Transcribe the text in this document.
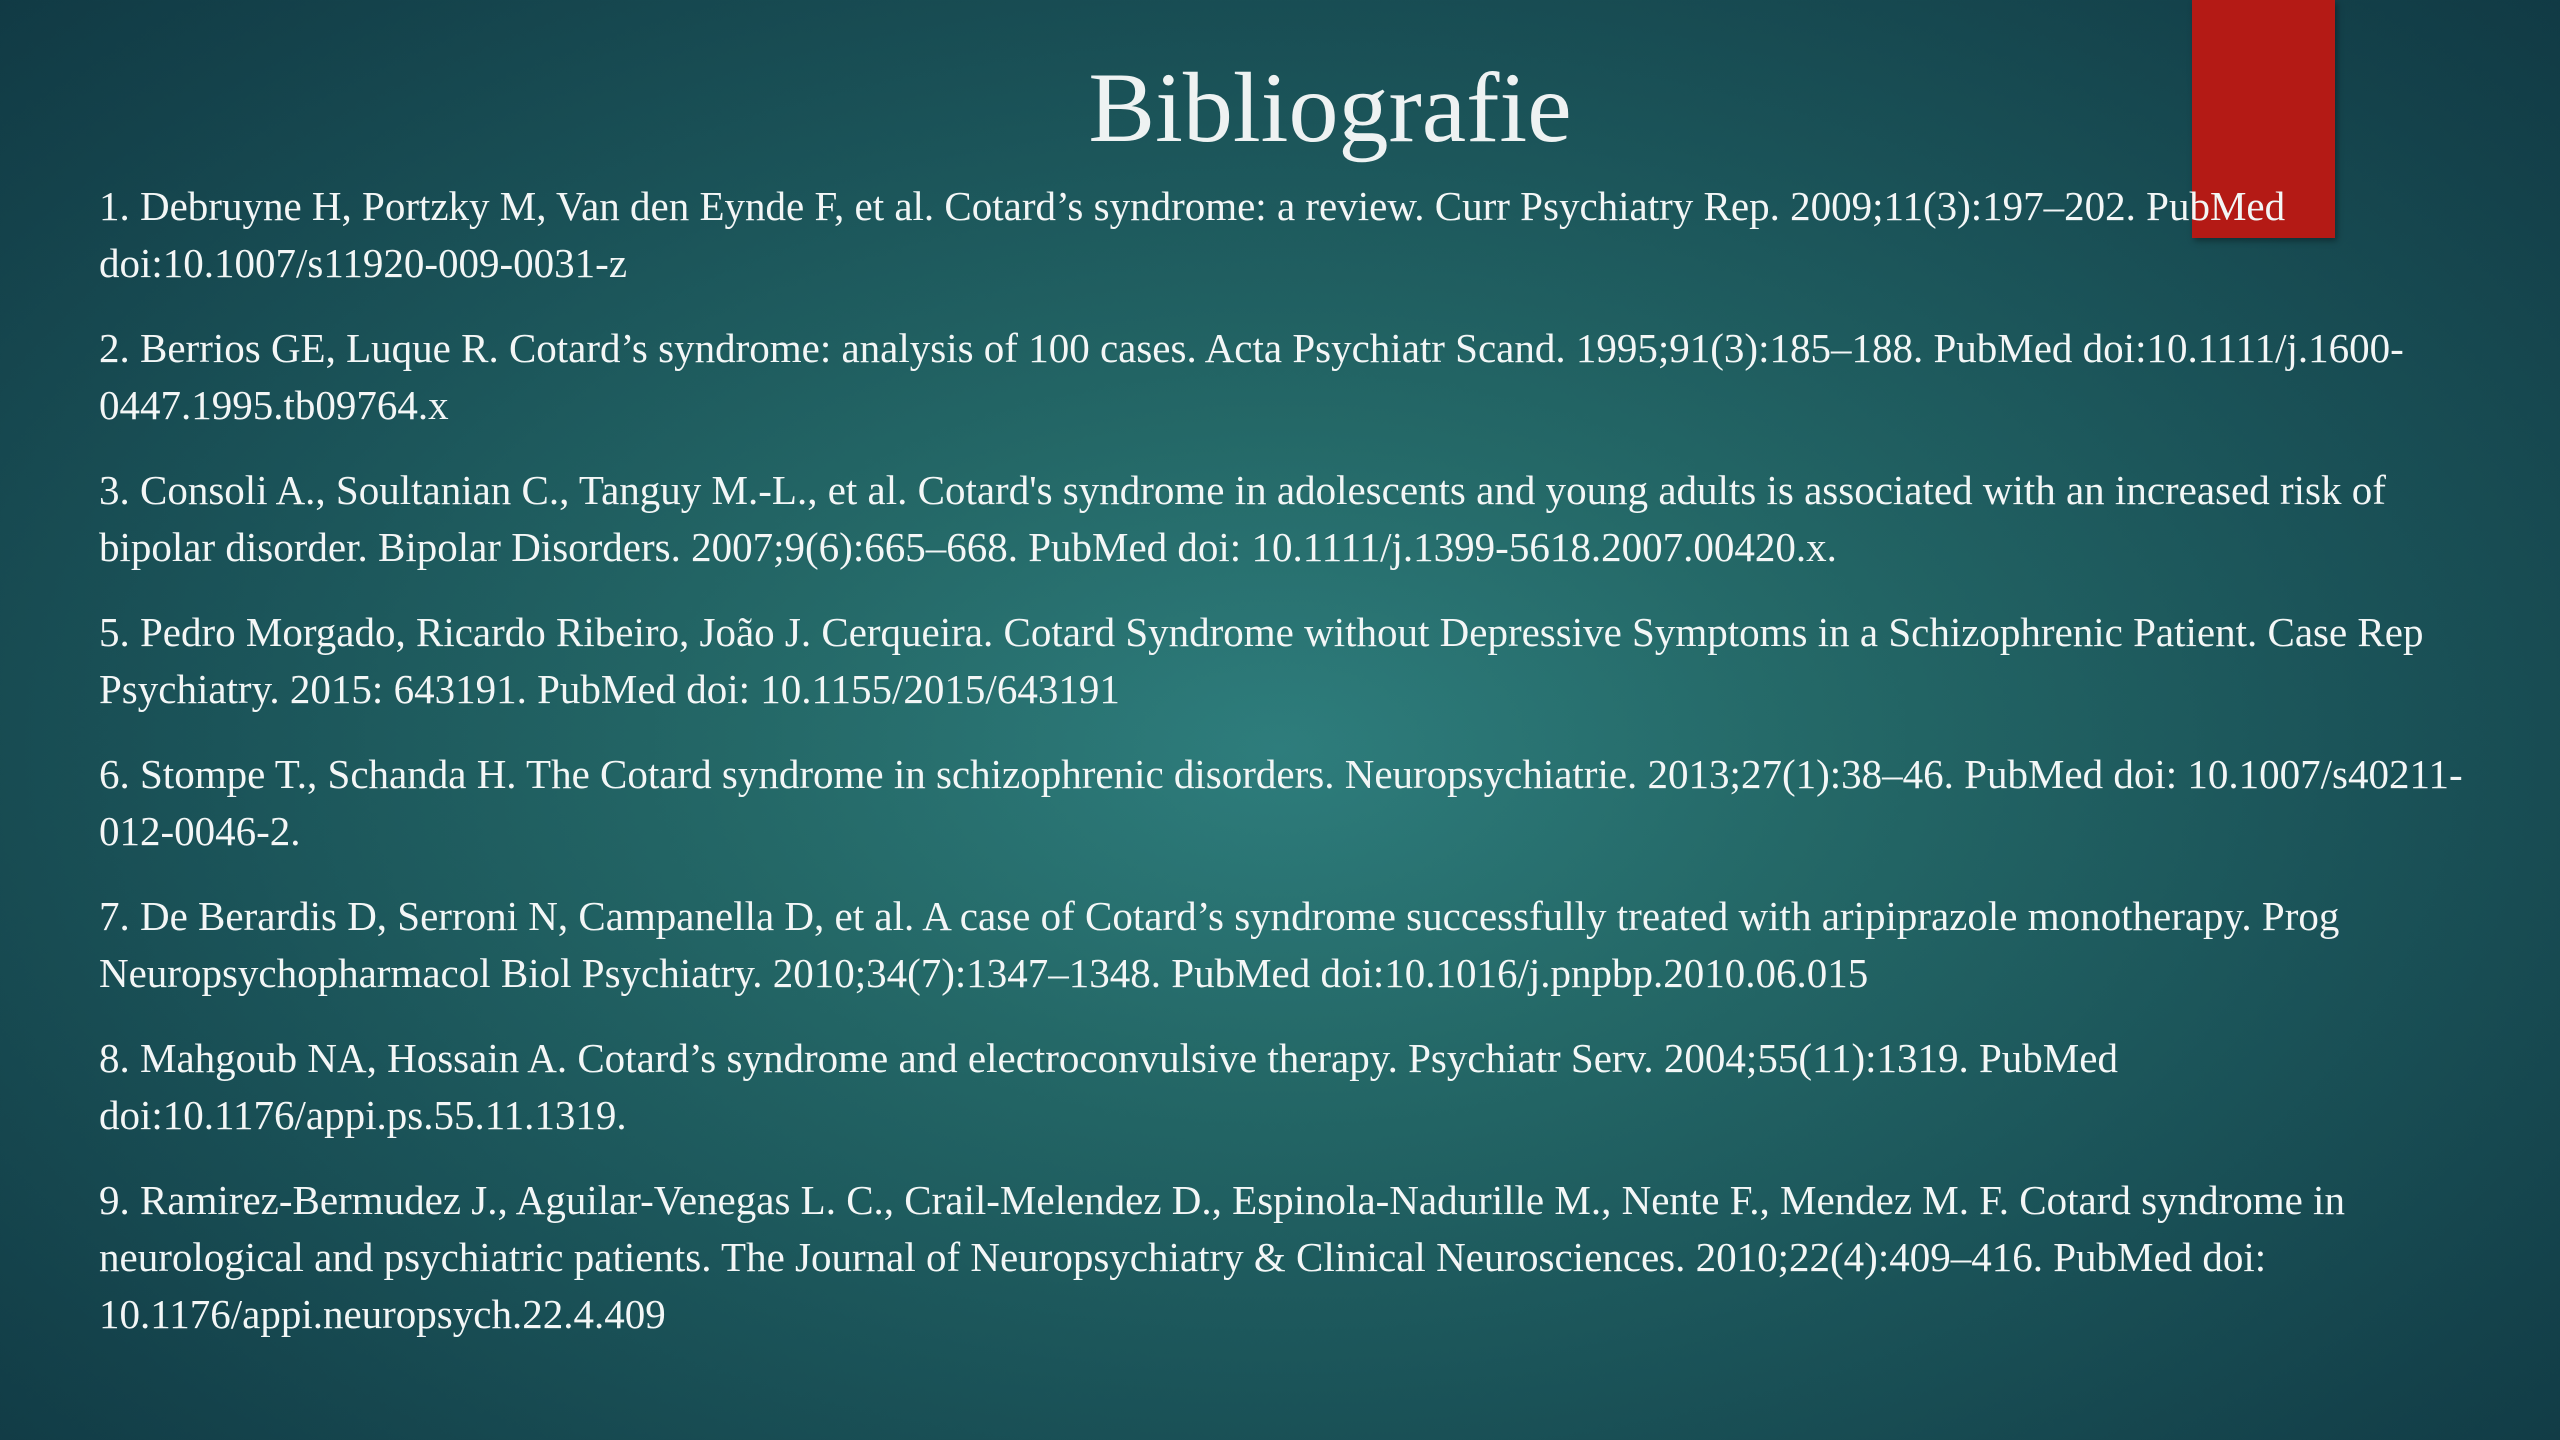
Bibliografie
1. Debruyne H, Portzky M, Van den Eynde F, et al. Cotard’s syndrome: a review. Curr Psychiatry Rep. 2009;11(3):197–202. PubMed doi:10.1007/s11920-009-0031-z
2. Berrios GE, Luque R. Cotard’s syndrome: analysis of 100 cases. Acta Psychiatr Scand. 1995;91(3):185–188. PubMed doi:10.1111/j.1600-0447.1995.tb09764.x
3. Consoli A., Soultanian C., Tanguy M.-L., et al. Cotard's syndrome in adolescents and young adults is associated with an increased risk of bipolar disorder. Bipolar Disorders. 2007;9(6):665–668. PubMed doi: 10.1111/j.1399-5618.2007.00420.x.
5. Pedro Morgado, Ricardo Ribeiro, João J. Cerqueira. Cotard Syndrome without Depressive Symptoms in a Schizophrenic Patient. Case Rep Psychiatry. 2015: 643191. PubMed doi: 10.1155/2015/643191
6. Stompe T., Schanda H. The Cotard syndrome in schizophrenic disorders. Neuropsychiatrie. 2013;27(1):38–46. PubMed doi: 10.1007/s40211-012-0046-2.
7. De Berardis D, Serroni N, Campanella D, et al. A case of Cotard’s syndrome successfully treated with aripiprazole monotherapy. Prog Neuropsychopharmacol Biol Psychiatry. 2010;34(7):1347–1348. PubMed doi:10.1016/j.pnpbp.2010.06.015
8. Mahgoub NA, Hossain A. Cotard’s syndrome and electroconvulsive therapy. Psychiatr Serv. 2004;55(11):1319. PubMed doi:10.1176/appi.ps.55.11.1319.
9. Ramirez-Bermudez J., Aguilar-Venegas L. C., Crail-Melendez D., Espinola-Nadurille M., Nente F., Mendez M. F. Cotard syndrome in neurological and psychiatric patients. The Journal of Neuropsychiatry & Clinical Neurosciences. 2010;22(4):409–416. PubMed doi: 10.1176/appi.neuropsych.22.4.409
